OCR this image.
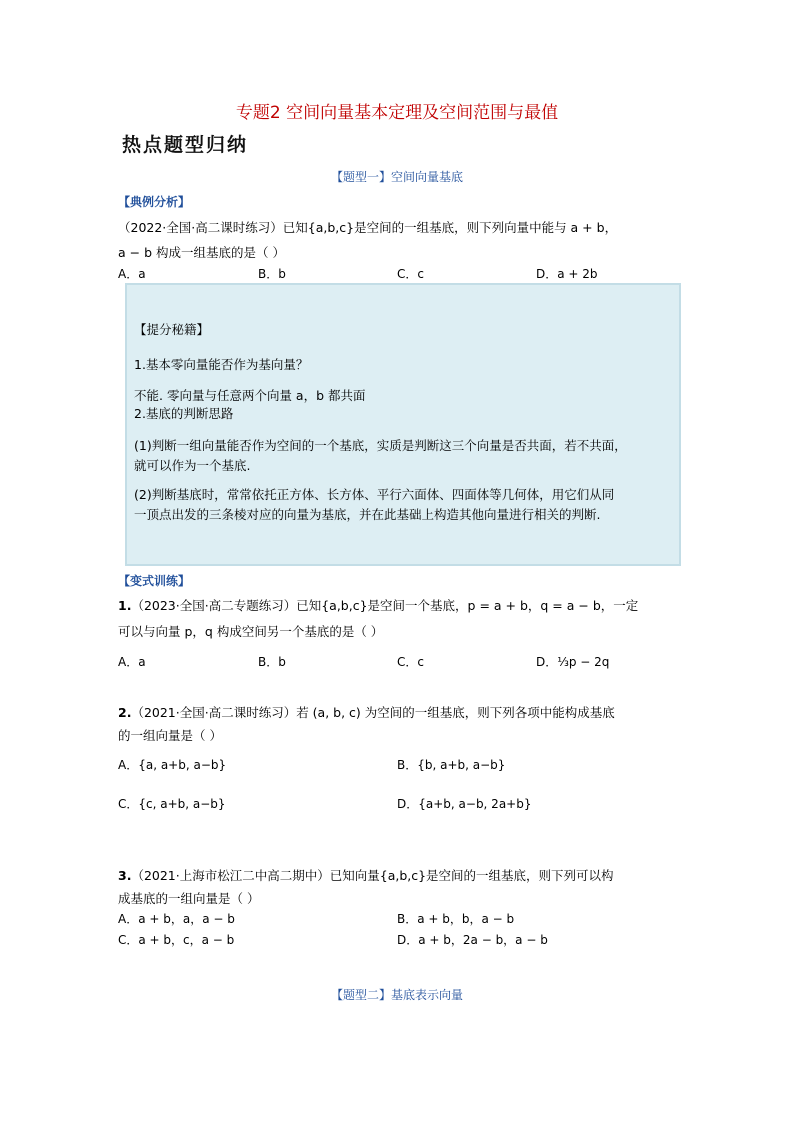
专题2 空间向量基本定理及空间范围与最值
热点题型归纳
【题型一】空间向量基底
【典例分析】
（2022·全国·高二课时练习）已知{a,b,c}是空间的一组基底，则下列向量中能与 a + b，
a − b 构成一组基底的是（ ）
A．a	B．b	C．c	D．a + 2b
【提分秘籍】
1.基本零向量能否作为基向量？
不能. 零向量与任意两个向量 a，b 都共面
2.基底的判断思路
(1)判断一组向量能否作为空间的一个基底，实质是判断这三个向量是否共面，若不共面，
就可以作为一个基底.
(2)判断基底时，常常依托正方体、长方体、平行六面体、四面体等几何体，用它们从同
一顶点出发的三条棱对应的向量为基底，并在此基础上构造其他向量进行相关的判断.
【变式训练】
1.（2023·全国·高二专题练习）已知{a,b,c}是空间一个基底，p = a + b，q = a − b，一定
可以与向量 p，q 构成空间另一个基底的是（ ）
A．a	B．b	C．c	D．⅓p − 2q
2.（2021·全国·高二课时练习）若 (a, b, c) 为空间的一组基底，则下列各项中能构成基底
的一组向量是（ ）
A．{a, a+b, a−b}	B．{b, a+b, a−b}
C．{c, a+b, a−b}	D．{a+b, a−b, 2a+b}
3.（2021·上海市松江二中高二期中）已知向量{a,b,c}是空间的一组基底，则下列可以构
成基底的一组向量是（ ）
A．a + b，a，a − b	B．a + b，b，a − b
C．a + b，c，a − b	D．a + b，2a − b，a − b
【题型二】基底表示向量
